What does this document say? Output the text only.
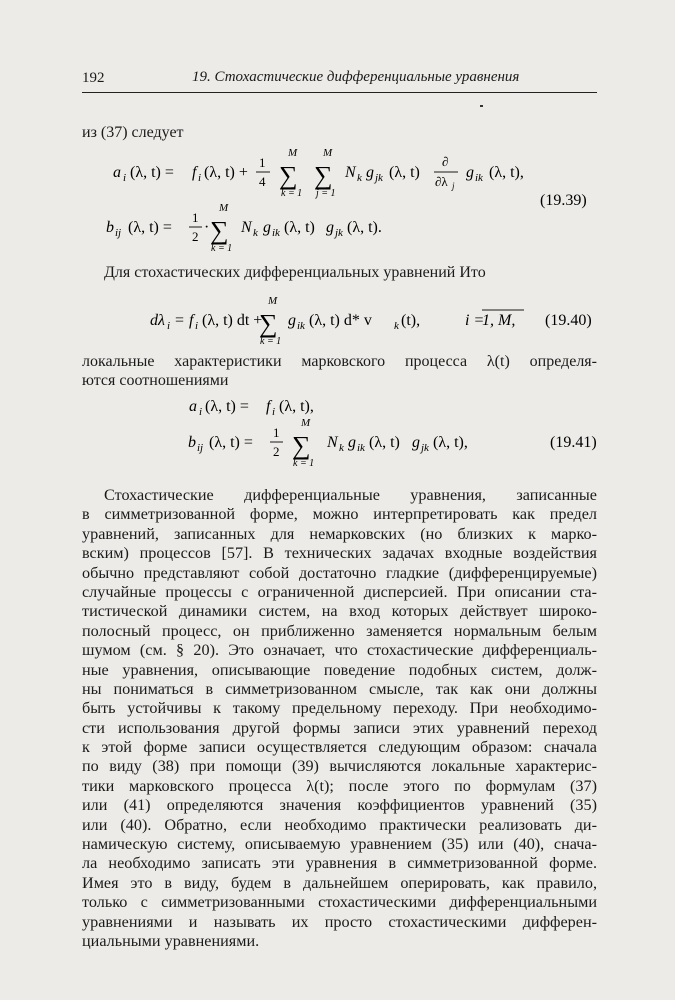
192	19. Стохастические дифференциальные уравнения
из (37) следует
a i (λ, t) = f i (λ, t) +
1
4
M
∑
k = 1
M
∑
j = 1
N k g jk (λ, t)
∂
∂λ j
g ik (λ, t),
b ij (λ, t) =
1
2
·
M
∑
k = 1
N k g ik (λ, t) g jk (λ, t).
(19.39)
Для стохастических дифференциальных уравнений Ито
dλ i = f i (λ, t) dt +
M
∑
k = 1
g ik (λ, t) d* v k (t),	i =
1, M, (19.40)
локальные характеристики марковского процесса λ(t) определя-
ются соотношениями
a i (λ, t) = f i (λ, t),
b ij (λ, t) =
1
2
M
∑
k = 1
N k g ik (λ, t) g jk (λ, t),	(19.41)
Стохастические дифференциальные уравнения, записанные
в симметризованной форме, можно интерпретировать как предел
уравнений, записанных для немарковских (но близких к марко-
вским) процессов [57]. В технических задачах входные воздействия
обычно представляют собой достаточно гладкие (дифференцируемые)
случайные процессы с ограниченной дисперсией. При описании ста-
тистической динамики систем, на вход которых действует широко-
полосный процесс, он приближенно заменяется нормальным белым
шумом (см. § 20). Это означает, что стохастические дифференциаль-
ные уравнения, описывающие поведение подобных систем, долж-
ны пониматься в симметризованном смысле, так как они должны
быть устойчивы к такому предельному переходу. При необходимо-
сти использования другой формы записи этих уравнений переход
к этой форме записи осуществляется следующим образом: сначала
по виду (38) при помощи (39) вычисляются локальные характерис-
тики марковского процесса λ(t); после этого по формулам (37)
или (41) определяются значения коэффициентов уравнений (35)
или (40). Обратно, если необходимо практически реализовать ди-
намическую систему, описываемую уравнением (35) или (40), снача-
ла необходимо записать эти уравнения в симметризованной форме.
Имея это в виду, будем в дальнейшем оперировать, как правило,
только с симметризованными стохастическими дифференциальными
уравнениями и называть их просто стохастическими дифферен-
циальными уравнениями.
